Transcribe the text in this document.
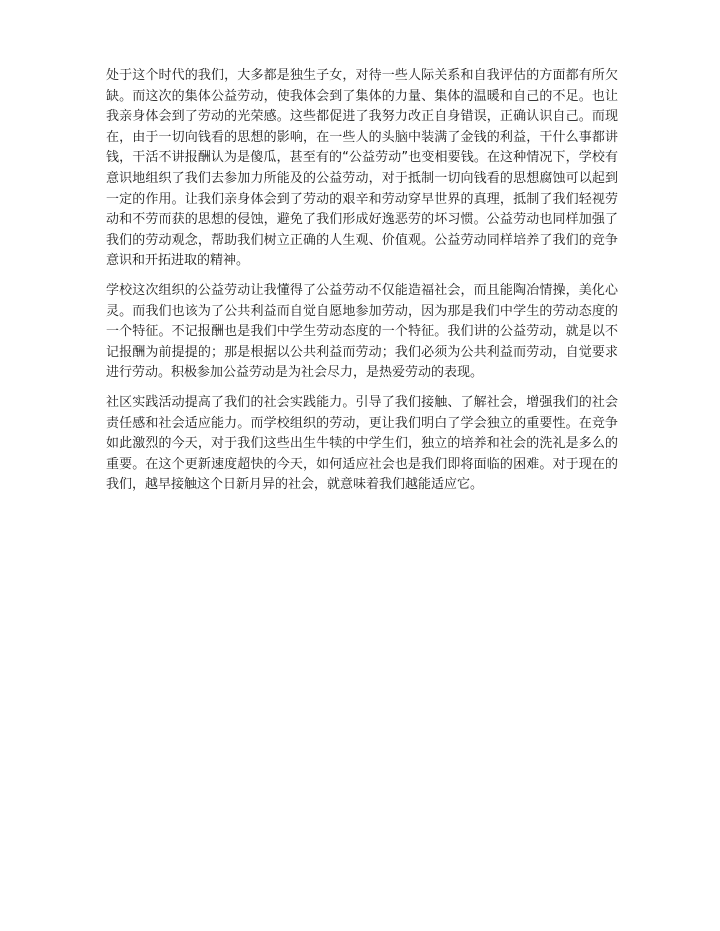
处于这个时代的我们，大多都是独生子女，对待一些人际关系和自我评估的方面都有所欠缺。而这次的集体公益劳动，使我体会到了集体的力量、集体的温暖和自己的不足。也让我亲身体会到了劳动的光荣感。这些都促进了我努力改正自身错误，正确认识自己。而现在，由于一切向钱看的思想的影响，在一些人的头脑中装满了金钱的利益，干什么事都讲钱，干活不讲报酬认为是傻瓜，甚至有的“公益劳动”也变相要钱。在这种情况下，学校有意识地组织了我们去参加力所能及的公益劳动，对于抵制一切向钱看的思想腐蚀可以起到一定的作用。让我们亲身体会到了劳动的艰辛和劳动穿早世界的真理，抵制了我们轻视劳动和不劳而获的思想的侵蚀，避免了我们形成好逸恶劳的坏习惯。公益劳动也同样加强了我们的劳动观念，帮助我们树立正确的人生观、价值观。公益劳动同样培养了我们的竞争意识和开拓进取的精神。

学校这次组织的公益劳动让我懂得了公益劳动不仅能造福社会，而且能陶冶情操，美化心灵。而我们也该为了公共利益而自觉自愿地参加劳动，因为那是我们中学生的劳动态度的一个特征。不记报酬也是我们中学生劳动态度的一个特征。我们讲的公益劳动，就是以不记报酬为前提提的；那是根据以公共利益而劳动；我们必须为公共利益而劳动，自觉要求进行劳动。积极参加公益劳动是为社会尽力，是热爱劳动的表现。

社区实践活动提高了我们的社会实践能力。引导了我们接触、了解社会，增强我们的社会责任感和社会适应能力。而学校组织的劳动，更让我们明白了学会独立的重要性。在竞争如此激烈的今天，对于我们这些出生牛犊的中学生们，独立的培养和社会的洗礼是多么的重要。在这个更新速度超快的今天，如何适应社会也是我们即将面临的困难。对于现在的我们，越早接触这个日新月异的社会，就意味着我们越能适应它。
